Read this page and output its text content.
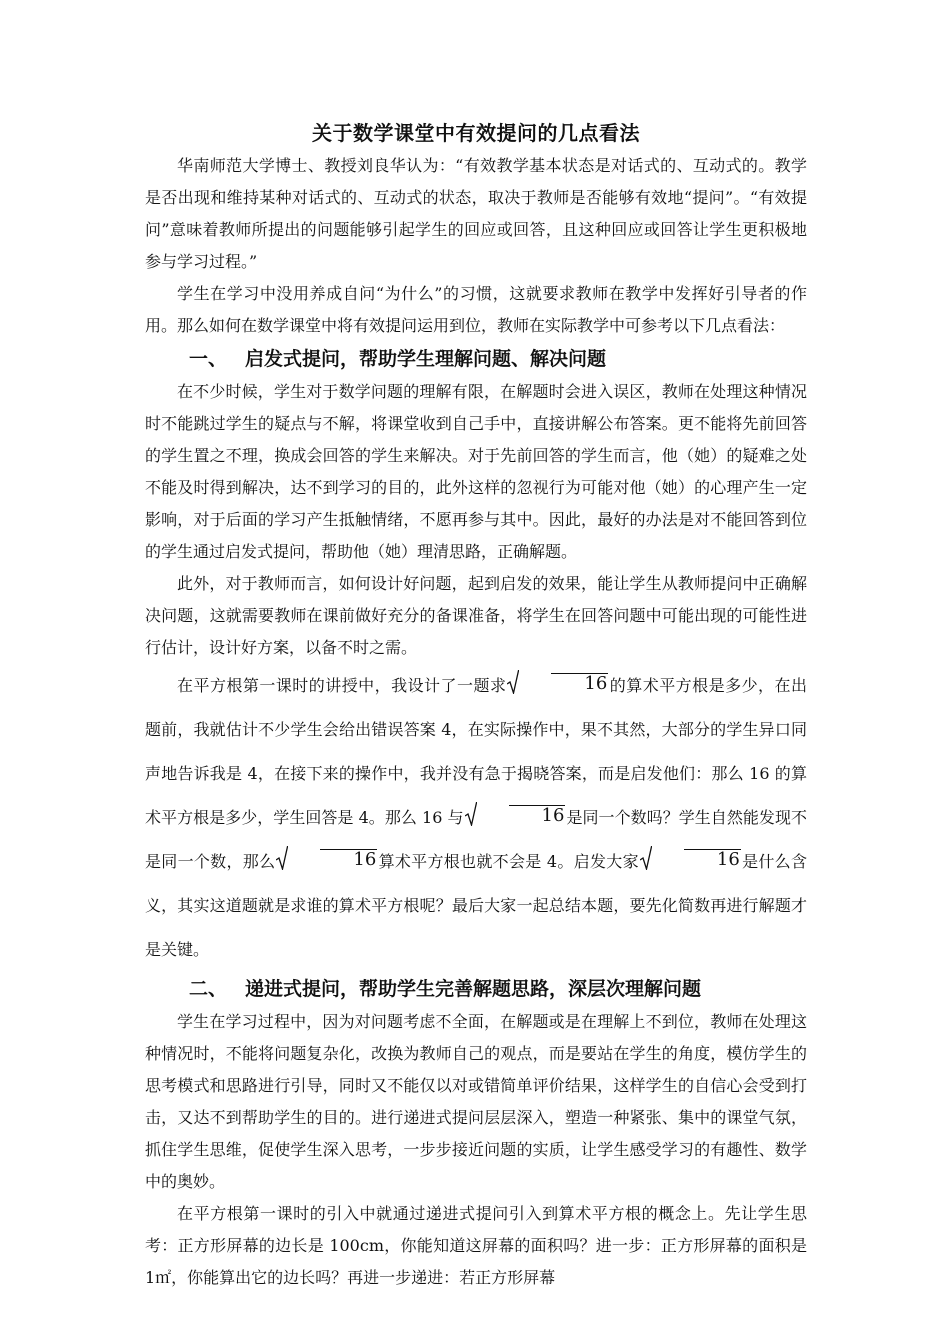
关于数学课堂中有效提问的几点看法

华南师范大学博士、教授刘良华认为：“有效教学基本状态是对话式的、互动式的。教学是否出现和维持某种对话式的、互动式的状态，取决于教师是否能够有效地“提问”。“有效提问”意味着教师所提出的问题能够引起学生的回应或回答，且这种回应或回答让学生更积极地参与学习过程。”

学生在学习中没用养成自问“为什么”的习惯，这就要求教师在教学中发挥好引导者的作用。那么如何在数学课堂中将有效提问运用到位，教师在实际教学中可参考以下几点看法：

一、 启发式提问，帮助学生理解问题、解决问题

在不少时候，学生对于数学问题的理解有限，在解题时会进入误区，教师在处理这种情况时不能跳过学生的疑点与不解，将课堂收到自己手中，直接讲解公布答案。更不能将先前回答的学生置之不理，换成会回答的学生来解决。对于先前回答的学生而言，他（她）的疑难之处不能及时得到解决，达不到学习的目的，此外这样的忽视行为可能对他（她）的心理产生一定影响，对于后面的学习产生抵触情绪，不愿再参与其中。因此，最好的办法是对不能回答到位的学生通过启发式提问，帮助他（她）理清思路，正确解题。

此外，对于教师而言，如何设计好问题，起到启发的效果，能让学生从教师提问中正确解决问题，这就需要教师在课前做好充分的备课准备，将学生在回答问题中可能出现的可能性进行估计，设计好方案，以备不时之需。

在平方根第一课时的讲授中，我设计了一题求	16 的算术平方根是多少，在出题前，我就估计不少学生会给出错误答案 4，在实际操作中，果不其然，大部分的学生异口同声地告诉我是 4，在接下来的操作中，我并没有急于揭晓答案，而是启发他们：那么 16 的算术平方根是多少，学生回答是 4。那么 16 与	16 是同一个数吗？学生自然能发现不是同一个数，那么	16 算术平方根也就不会是 4。启发大家	16 是什么含义，其实这道题就是求谁的算术平方根呢？最后大家一起总结本题，要先化简数再进行解题才是关键。

二、 递进式提问，帮助学生完善解题思路，深层次理解问题

学生在学习过程中，因为对问题考虑不全面，在解题或是在理解上不到位，教师在处理这种情况时，不能将问题复杂化，改换为教师自己的观点，而是要站在学生的角度，模仿学生的思考模式和思路进行引导，同时又不能仅以对或错简单评价结果，这样学生的自信心会受到打击，又达不到帮助学生的目的。进行递进式提问层层深入，塑造一种紧张、集中的课堂气氛，抓住学生思维，促使学生深入思考，一步步接近问题的实质，让学生感受学习的有趣性、数学中的奥妙。

在平方根第一课时的引入中就通过递进式提问引入到算术平方根的概念上。先让学生思考：正方形屏幕的边长是 100cm，你能知道这屏幕的面积吗？进一步：正方形屏幕的面积是 1㎡，你能算出它的边长吗？再进一步递进：若正方形屏幕
